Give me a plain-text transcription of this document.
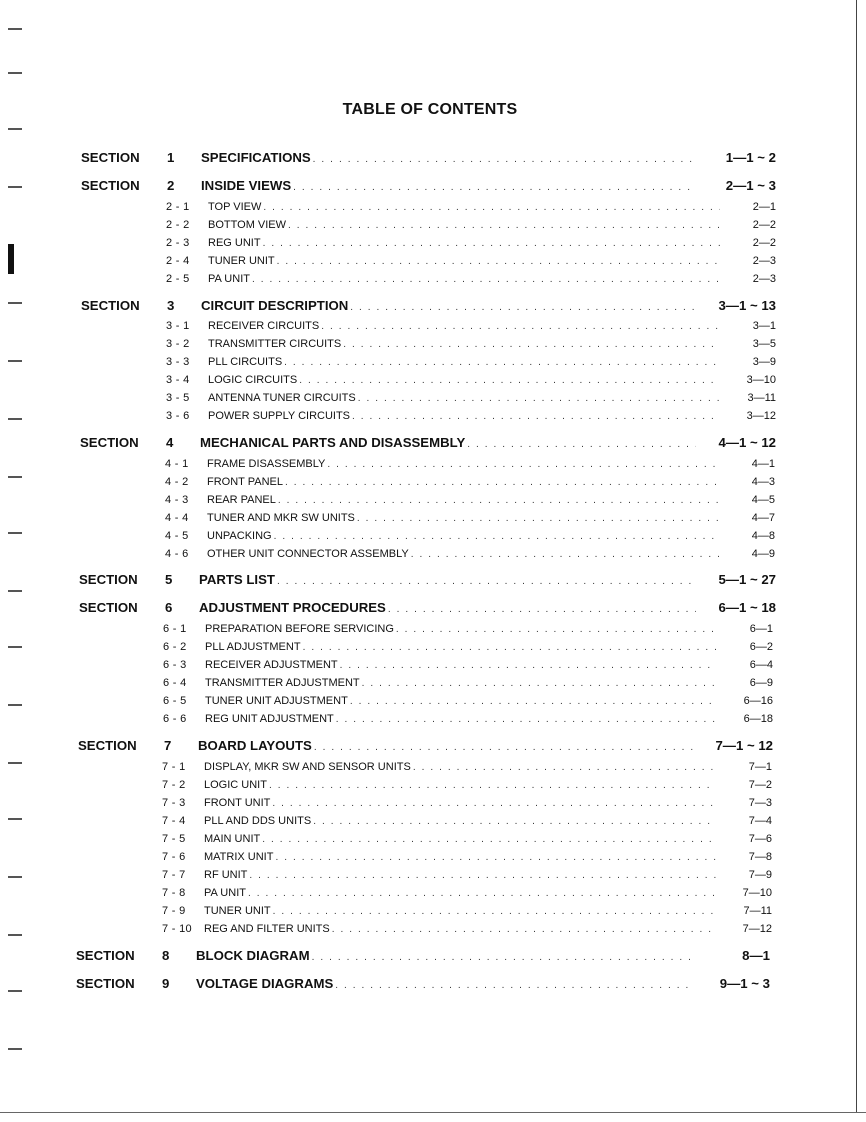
TABLE OF CONTENTS
SECTION	1	SPECIFICATIONS . . .	1—1 ~ 2
SECTION	2	INSIDE VIEWS . . .	2—1 ~ 3
2 - 1	TOP VIEW . . .	2—1
2 - 2	BOTTOM VIEW . . .	2—2
2 - 3	REG UNIT . . .	2—2
2 - 4	TUNER UNIT . . .	2—3
2 - 5	PA UNIT . . .	2—3
SECTION	3	CIRCUIT DESCRIPTION . . .	3—1 ~ 13
3 - 1	RECEIVER CIRCUITS . . .	3—1
3 - 2	TRANSMITTER CIRCUITS . . .	3—5
3 - 3	PLL CIRCUITS . . .	3—9
3 - 4	LOGIC CIRCUITS . . .	3—10
3 - 5	ANTENNA TUNER CIRCUITS . . .	3—11
3 - 6	POWER SUPPLY CIRCUITS . . .	3—12
SECTION	4	MECHANICAL PARTS AND DISASSEMBLY . . .	4—1 ~ 12
4 - 1	FRAME DISASSEMBLY . . .	4—1
4 - 2	FRONT PANEL . . .	4—3
4 - 3	REAR PANEL . . .	4—5
4 - 4	TUNER AND MKR SW UNITS . . .	4—7
4 - 5	UNPACKING . . .	4—8
4 - 6	OTHER UNIT CONNECTOR ASSEMBLY . . .	4—9
SECTION	5	PARTS LIST . . .	5—1 ~ 27
SECTION	6	ADJUSTMENT PROCEDURES . . .	6—1 ~ 18
6 - 1	PREPARATION BEFORE SERVICING . . .	6—1
6 - 2	PLL ADJUSTMENT . . .	6—2
6 - 3	RECEIVER ADJUSTMENT . . .	6—4
6 - 4	TRANSMITTER ADJUSTMENT . . .	6—9
6 - 5	TUNER UNIT ADJUSTMENT . . .	6—16
6 - 6	REG UNIT ADJUSTMENT . . .	6—18
SECTION	7	BOARD LAYOUTS . . .	7—1 ~ 12
7 - 1	DISPLAY, MKR SW AND SENSOR UNITS . . .	7—1
7 - 2	LOGIC UNIT . . .	7—2
7 - 3	FRONT UNIT . . .	7—3
7 - 4	PLL AND DDS UNITS . . .	7—4
7 - 5	MAIN UNIT . . .	7—6
7 - 6	MATRIX UNIT . . .	7—8
7 - 7	RF UNIT . . .	7—9
7 - 8	PA UNIT . . .	7—10
7 - 9	TUNER UNIT . . .	7—11
7 - 10	REG AND FILTER UNITS . . .	7—12
SECTION	8	BLOCK DIAGRAM . . .	8—1
SECTION	9	VOLTAGE DIAGRAMS . . .	9—1 ~ 3
